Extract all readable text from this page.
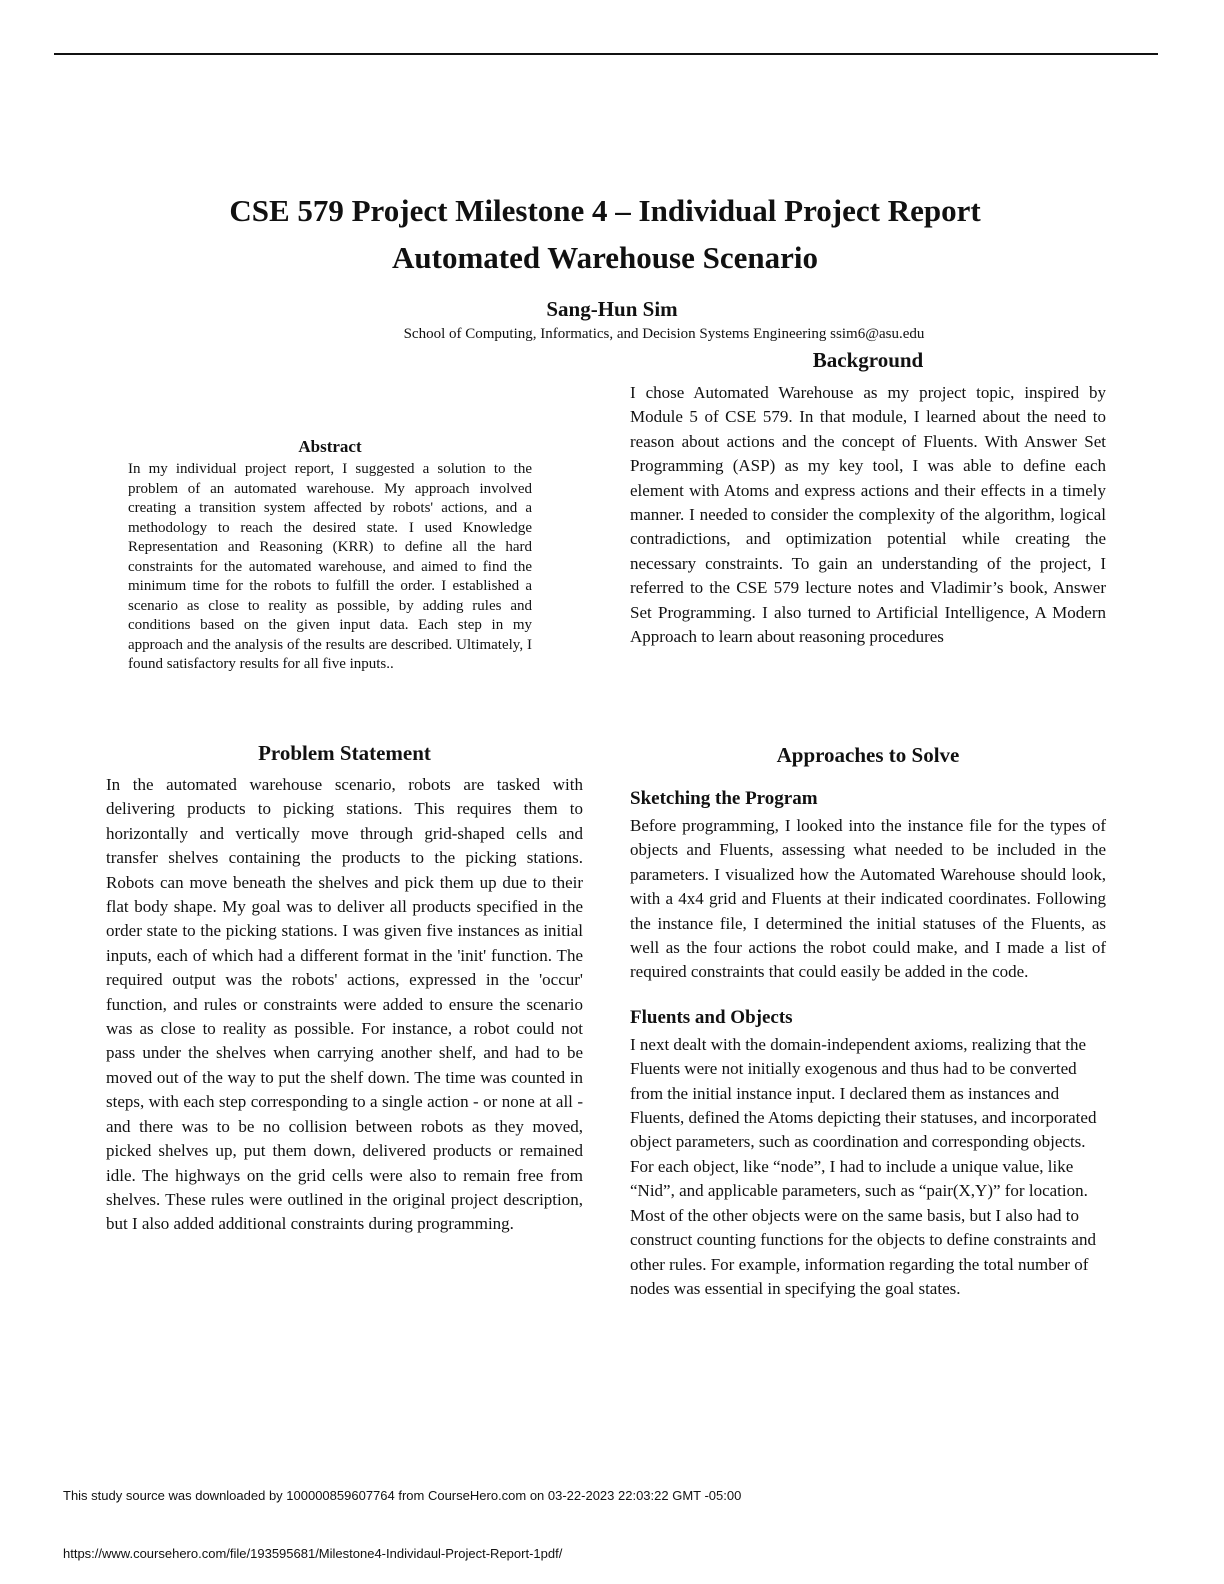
CSE 579 Project Milestone 4 – Individual Project Report
Automated Warehouse Scenario

Sang-Hun Sim

School of Computing, Informatics, and Decision Systems Engineering ssim6@asu.edu

Abstract

In my individual project report, I suggested a solution to the problem of an automated warehouse. My approach involved creating a transition system affected by robots' actions, and a methodology to reach the desired state. I used Knowledge Representation and Reasoning (KRR) to define all the hard constraints for the automated warehouse, and aimed to find the minimum time for the robots to fulfill the order. I established a scenario as close to reality as possible, by adding rules and conditions based on the given input data. Each step in my approach and the analysis of the results are described. Ultimately, I found satisfactory results for all five inputs..

Background

I chose Automated Warehouse as my project topic, inspired by Module 5 of CSE 579. In that module, I learned about the need to reason about actions and the concept of Fluents. With Answer Set Programming (ASP) as my key tool, I was able to define each element with Atoms and express actions and their effects in a timely manner. I needed to consider the complexity of the algorithm, logical contradictions, and optimization potential while creating the necessary constraints. To gain an understanding of the project, I referred to the CSE 579 lecture notes and Vladimir’s book, Answer Set Programming. I also turned to Artificial Intelligence, A Modern Approach to learn about reasoning procedures

Problem Statement

In the automated warehouse scenario, robots are tasked with delivering products to picking stations. This requires them to horizontally and vertically move through grid-shaped cells and transfer shelves containing the products to the picking stations. Robots can move beneath the shelves and pick them up due to their flat body shape. My goal was to deliver all products specified in the order state to the picking stations. I was given five instances as initial inputs, each of which had a different format in the 'init' function. The required output was the robots' actions, expressed in the 'occur' function, and rules or constraints were added to ensure the scenario was as close to reality as possible. For instance, a robot could not pass under the shelves when carrying another shelf, and had to be moved out of the way to put the shelf down. The time was counted in steps, with each step corresponding to a single action - or none at all - and there was to be no collision between robots as they moved, picked shelves up, put them down, delivered products or remained idle. The highways on the grid cells were also to remain free from shelves. These rules were outlined in the original project description, but I also added additional constraints during programming.

Approaches to Solve
Sketching the Program

Before programming, I looked into the instance file for the types of objects and Fluents, assessing what needed to be included in the parameters. I visualized how the Automated Warehouse should look, with a 4x4 grid and Fluents at their indicated coordinates. Following the instance file, I determined the initial statuses of the Fluents, as well as the four actions the robot could make, and I made a list of required constraints that could easily be added in the code.

Fluents and Objects

I next dealt with the domain-independent axioms, realizing that the Fluents were not initially exogenous and thus had to be converted from the initial instance input. I declared them as instances and Fluents, defined the Atoms depicting their statuses, and incorporated object parameters, such as coordination and corresponding objects. For each object, like “node”, I had to include a unique value, like “Nid”, and applicable parameters, such as “pair(X,Y)” for location. Most of the other objects were on the same basis, but I also had to construct counting functions for the objects to define constraints and other rules. For example, information regarding the total number of nodes was essential in specifying the goal states.

This study source was downloaded by 100000859607764 from CourseHero.com on 03-22-2023 22:03:22 GMT -05:00

https://www.coursehero.com/file/193595681/Milestone4-Individaul-Project-Report-1pdf/
